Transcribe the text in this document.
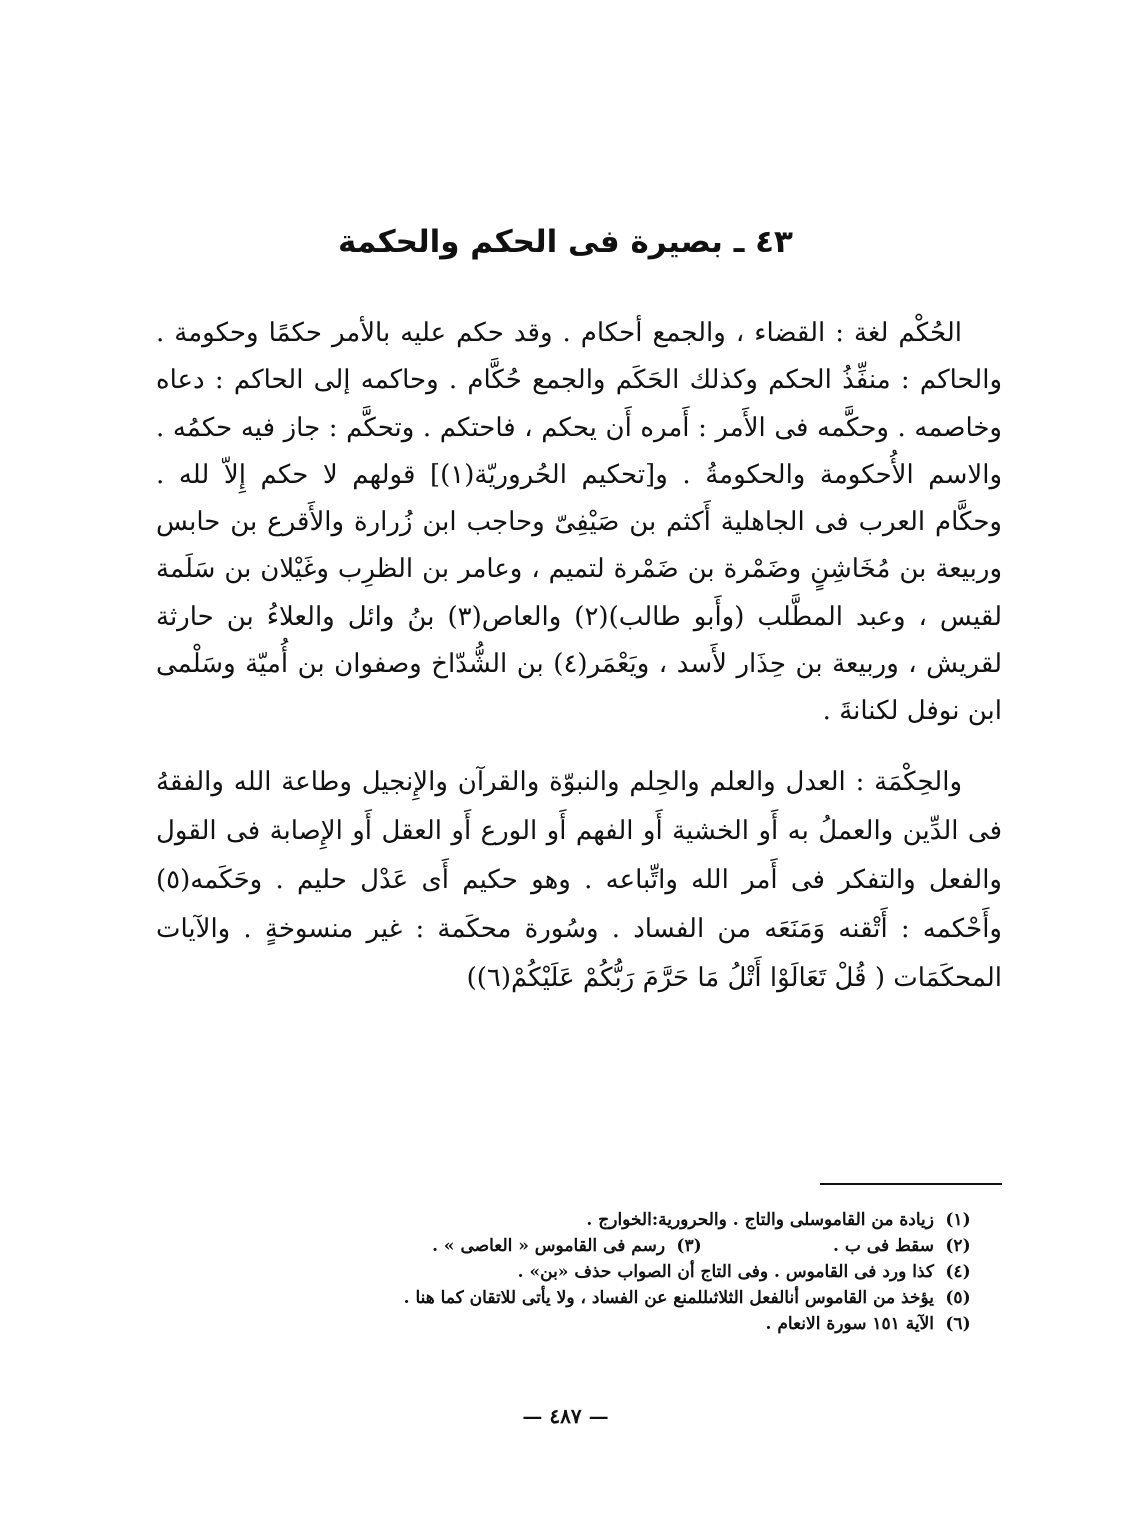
٤٣ ـ بصيرة فى الحكم والحكمة

الحُكْم لغة : القضاء ، والجمع أحكام . وقد حكم عليه بالأمر حكمًا وحكومة . والحاكم : منفِّذُ الحكم وكذلك الحَكَم والجمع حُكَّام . وحاكمه إلى الحاكم : دعاه وخاصمه . وحكَّمه فى الأَمر : أَمره أَن يحكم ، فاحتكم . وتحكَّم : جاز فيه حكمُه . والاسم الأُحكومة والحكومةُ . و[تحكيم الحُروريّة(١)] قولهم لا حكم إِلاّ لله . وحكَّام العرب فى الجاهلية أَكثم بن صَيْفِىّ وحاجب ابن زُرارة والأَقرع بن حابس وربيعة بن مُخَاشِنٍ وضَمْرة بن ضَمْرة لتميم ، وعامر بن الظرِب وغَيْلان بن سَلَمة لقيس ، وعبد المطَّلب (وأَبو طالب)(٢) والعاص(٣) بنُ وائل والعلاءُ بن حارثة لقريش ، وربيعة بن حِذَار لأَسد ، ويَعْمَر(٤) بن الشُّدّاخ وصفوان بن أُميّة وسَلْمى ابن نوفل لكنانةَ .

والحِكْمَة : العدل والعلم والحِلم والنبوّة والقرآن والإِنجيل وطاعة الله والفقهُ فى الدِّين والعملُ به أَو الخشية أَو الفهم أَو الورع أَو العقل أَو الإِصابة فى القول والفعل والتفكر فى أَمر الله واتِّباعه . وهو حكيم أَى عَدْل حليم . وحَكَمه(٥) وأَحْكمه : أَتْقنه وَمَنَعَه من الفساد . وسُورة محكَمة : غير منسوخةٍ . والآيات المحكَمَات ( قُلْ تَعَالَوْا أَتْلُ مَا حَرَّمَ رَبُّكُمْ عَلَيْكُمْ(٦))

(١)
زيادة من القاموسلى والتاج . والحرورية:الخوارج .
(٢)
سقط فى ب .
(٣)
رسم فى القاموس « العاصى » .
(٤)
كذا ورد فى القاموس . وفى التاج أن الصواب حذف «بن» .
(٥)
يؤخذ من القاموس أنالفعل الثلاثىللمنع عن الفساد ، ولا يأتى للاتقان كما هنا .
(٦)
الآية ١٥١ سورة الانعام .
— ٤٨٧ —
